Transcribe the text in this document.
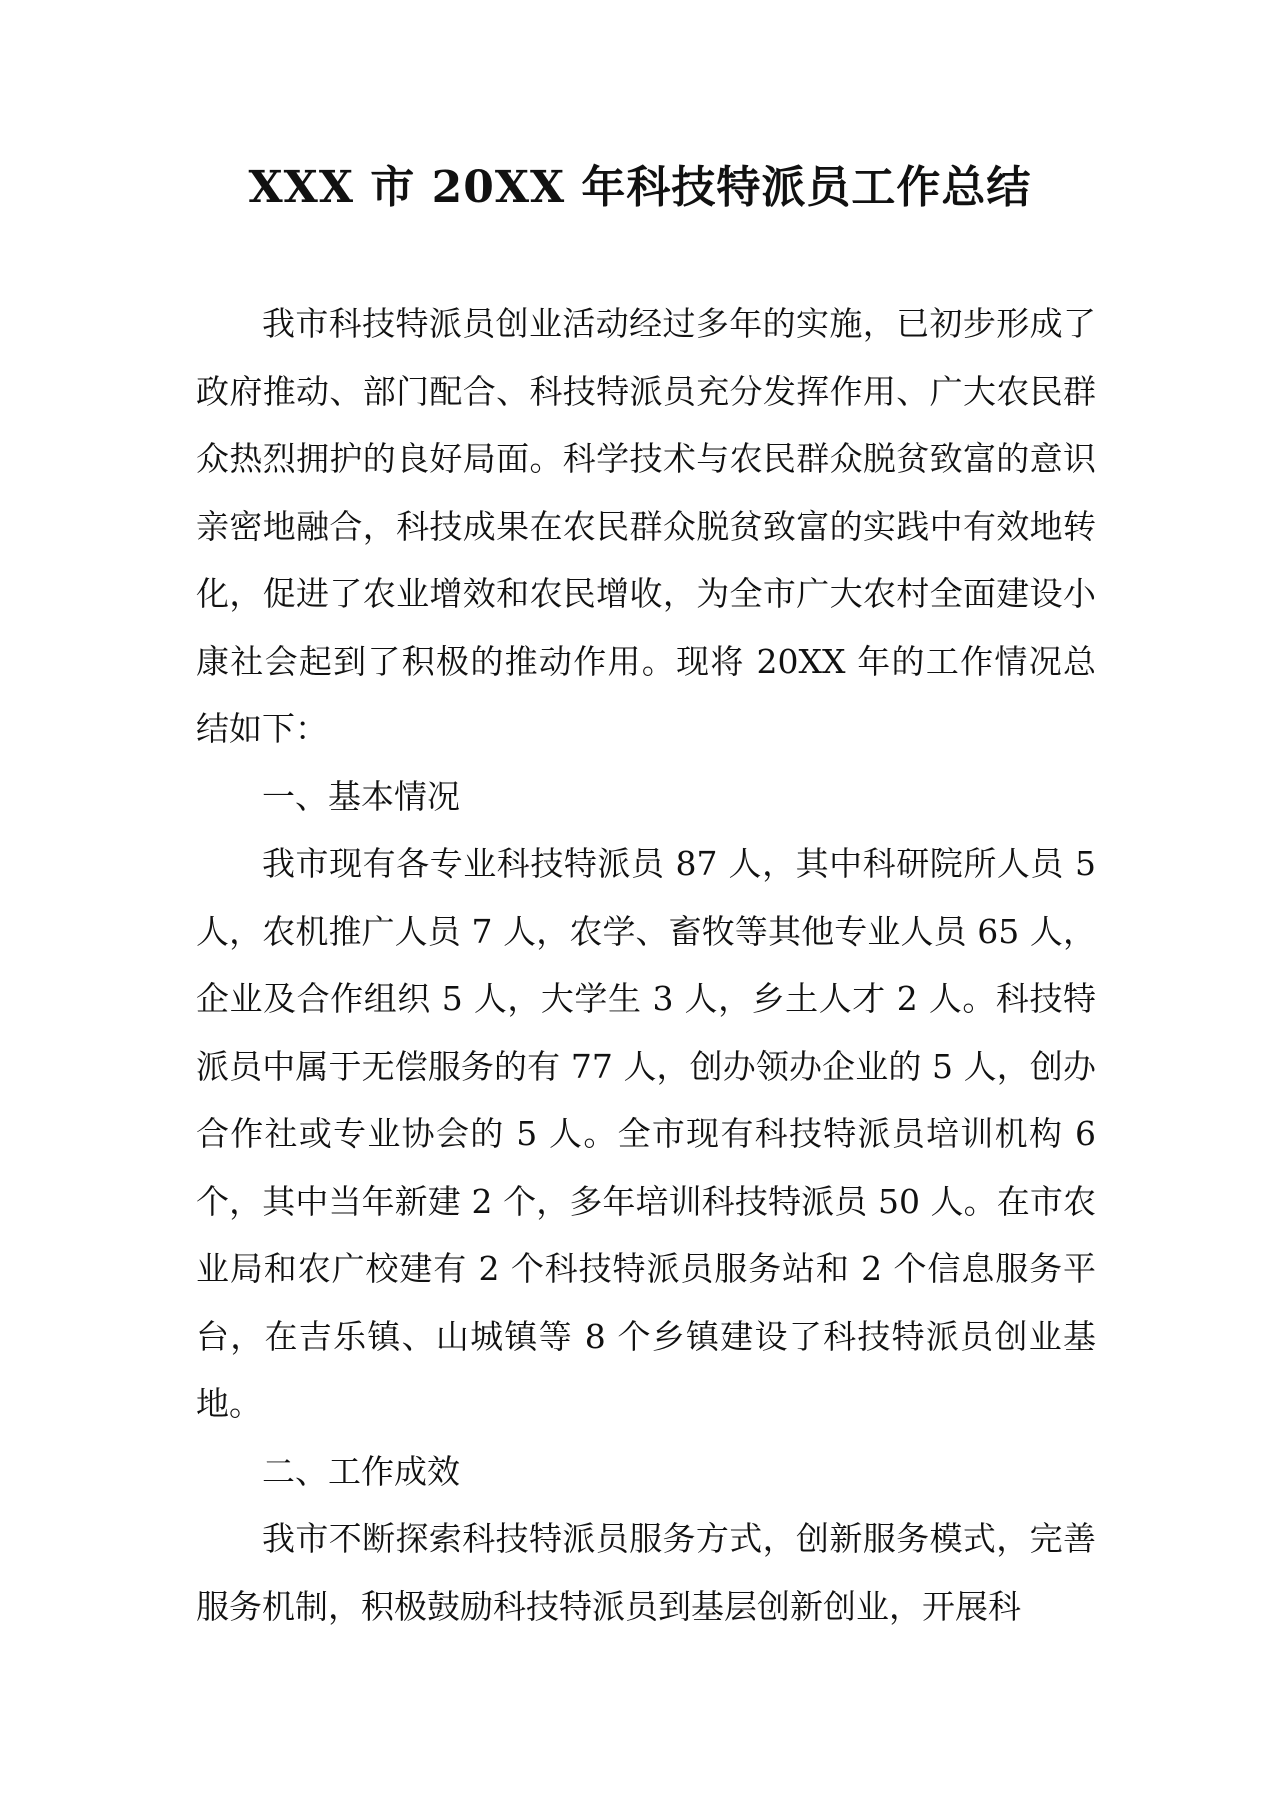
XXX 市 20XX 年科技特派员工作总结

我市科技特派员创业活动经过多年的实施，已初步形成了政府推动、部门配合、科技特派员充分发挥作用、广大农民群众热烈拥护的良好局面。科学技术与农民群众脱贫致富的意识亲密地融合，科技成果在农民群众脱贫致富的实践中有效地转化，促进了农业增效和农民增收，为全市广大农村全面建设小康社会起到了积极的推动作用。现将 20XX 年的工作情况总结如下：

一、基本情况

我市现有各专业科技特派员 87 人，其中科研院所人员 5 人，农机推广人员 7 人，农学、畜牧等其他专业人员 65 人，企业及合作组织 5 人，大学生 3 人，乡土人才 2 人。科技特派员中属于无偿服务的有 77 人，创办领办企业的 5 人，创办合作社或专业协会的 5 人。全市现有科技特派员培训机构 6 个，其中当年新建 2 个，多年培训科技特派员 50 人。在市农业局和农广校建有 2 个科技特派员服务站和 2 个信息服务平台，在吉乐镇、山城镇等 8 个乡镇建设了科技特派员创业基地。

二、工作成效

我市不断探索科技特派员服务方式，创新服务模式，完善服务机制，积极鼓励科技特派员到基层创新创业，开展科
